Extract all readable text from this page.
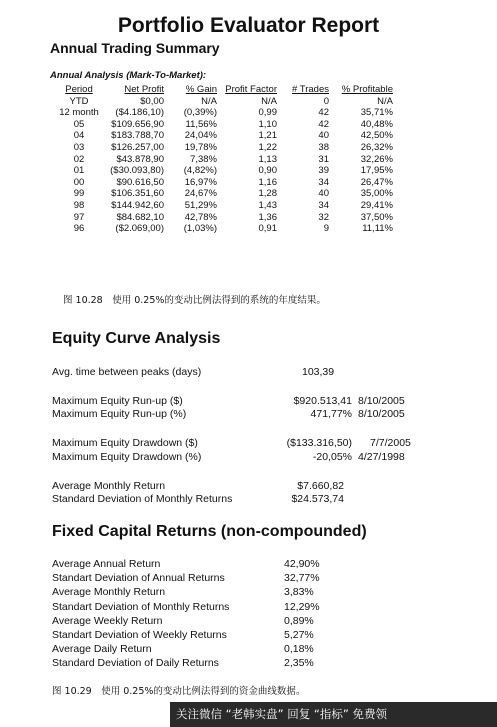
Portfolio Evaluator Report
Annual Trading Summary
Annual Analysis (Mark-To-Market):
Period	Net Profit	% Gain	Profit Factor	# Trades	% Profitable
YTD	$0,00	N/A	N/A	0	N/A
12 month	($4.186,10)	(0,39%)	0,99	42	35,71%
05	$109.656,90	11,56%	1,10	42	40,48%
04	$183.788,70	24,04%	1,21	40	42,50%
03	$126.257,00	19,78%	1,22	38	26,32%
02	$43.878,90	7,38%	1,13	31	32,26%
01	($30.093,80)	(4,82%)	0,90	39	17,95%
00	$90.616,50	16,97%	1,16	34	26,47%
99	$106.351,60	24,67%	1,28	40	35,00%
98	$144.942,60	51,29%	1,43	34	29,41%
97	$84.682,10	42,78%	1,36	32	37,50%
96	($2.069,00)	(1,03%)	0,91	9	11,11%
图 10.28　使用 0.25%的变动比例法得到的系统的年度结果。
Equity Curve Analysis
Avg. time between peaks (days)	103,39
Maximum Equity Run-up ($)	$920.513,41 8/10/2005
Maximum Equity Run-up (%)	471,77% 8/10/2005
Maximum Equity Drawdown ($)	($133.316,50) 7/7/2005
Maximum Equity Drawdown (%)	-20,05% 4/27/1998
Average Monthly Return	$7.660,82
Standard Deviation of Monthly Returns	$24.573,74
Fixed Capital Returns (non-compounded)
Average Annual Return	42,90%
Standart Deviation of Annual Returns	32,77%
Average Monthly Return	3,83%
Standart Deviation of Monthly Returns	12,29%
Average Weekly Return	0,89%
Standart Deviation of Weekly Returns	5,27%
Average Daily Return	0,18%
Standard Deviation of Daily Returns	2,35%
图 10.29　使用 0.25%的变动比例法得到的资金曲线数据。
关注微信 “老韩实盘” 回复 “指标” 免费领
